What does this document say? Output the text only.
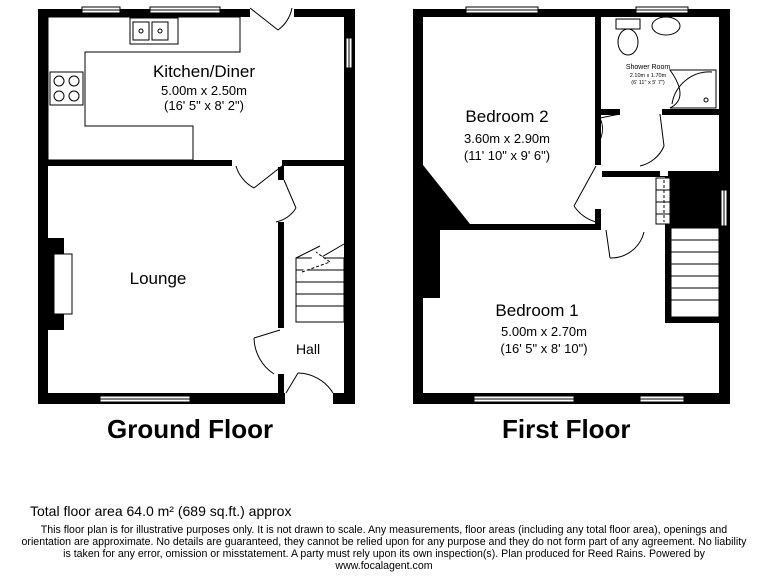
Kitchen/Diner
5.00m x 2.50m
(16' 5" x 8' 2")
Lounge
Hall
Bedroom 2
3.60m x 2.90m
(11' 10" x 9' 6")
Shower Room
2.10m x 1.70m
(6' 11" x 5' 7")
Bedroom 1
5.00m x 2.70m
(16' 5" x 8' 10")
Ground Floor	First Floor
Total floor area 64.0 m² (689 sq.ft.) approx
This floor plan is for illustrative purposes only. It is not drawn to scale. Any measurements, floor areas (including any total floor area), openings and orientation are approximate. No details are guaranteed, they cannot be relied upon for any purpose and they do not form part of any agreement. No liability is taken for any error, omission or misstatement. A party must rely upon its own inspection(s). Plan produced for Reed Rains. Powered by www.focalagent.com
